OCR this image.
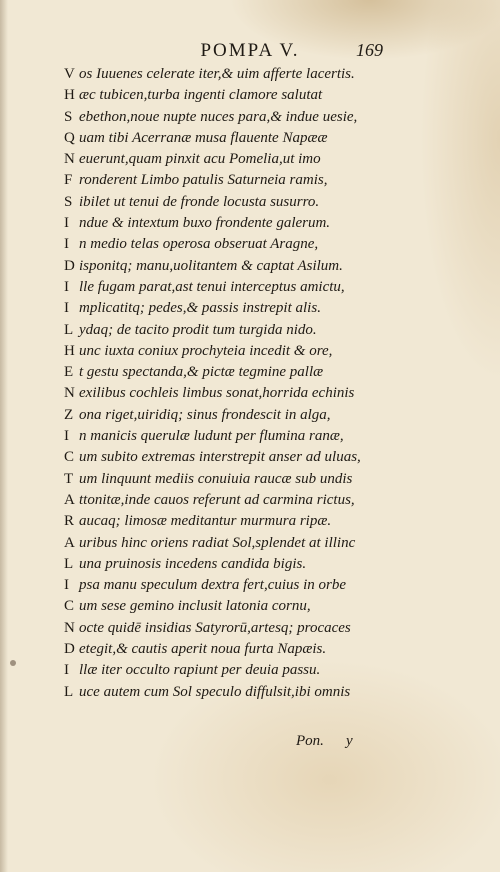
POMPA V.	169
V os Iuuenes celerate iter,& uim afferte lacertis.
H æc tubicen,turba ingenti clamore salutat
S ebethon,noue nupte nuces para,& indue uesie,
Q uam tibi Acerranæ musa flauente Napææ
N euerunt,quam pinxit acu Pomelia,ut imo
F ronderent Limbo patulis Saturneia ramis,
S ibilet ut tenui de fronde locusta susurro.
I ndue & intextum buxo frondente galerum.
I n medio telas operosa obseruat Aragne,
D isponitq; manu,uolitantem & captat Asilum.
I lle fugam parat,ast tenui interceptus amictu,
I mplicatitq; pedes,& passis instrepit alis.
L ydaq; de tacito prodit tum turgida nido.
H unc iuxta coniux prochyteia incedit & ore,
E t gestu spectanda,& pictæ tegmine pallæ
N exilibus cochleis limbus sonat,horrida echinis
Z ona riget,uiridiq; sinus frondescit in alga,
I n manicis querulæ ludunt per flumina ranæ,
C um subito extremas interstrepit anser ad uluas,
T um linquunt mediis conuiuia raucæ sub undis
A ttonitæ,inde cauos referunt ad carmina rictus,
R aucaq; limosæ meditantur murmura ripæ.
A uribus hinc oriens radiat Sol,splendet at illinc
L una pruinosis incedens candida bigis.
I psa manu speculum dextra fert,cuius in orbe
C um sese gemino inclusit latonia cornu,
N octe quidē insidias Satyrorū,artesq; procaces
D etegit,& cautis aperit noua furta Napæis.
I llæ iter occulto rapiunt per deuia passu.
L uce autem cum Sol speculo diffulsit,ibi omnis
Pon. y
